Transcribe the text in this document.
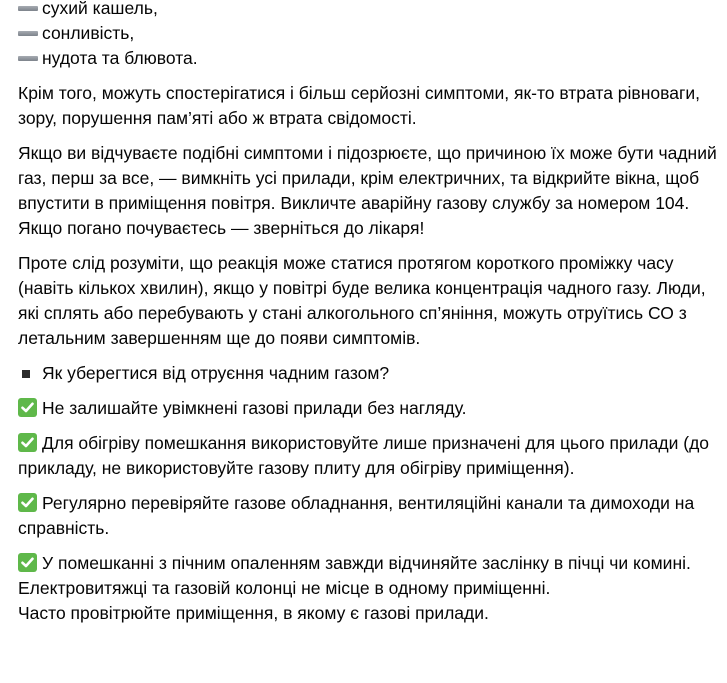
сухий кашель,
сонливість,
нудота та блювота.

Крім того, можуть спостерігатися і більш серйозні симптоми, як-то втрата рівноваги, зору, порушення пам’яті або ж втрата свідомості.

Якщо ви відчуваєте подібні симптоми і підозрюєте, що причиною їх може бути чадний газ, перш за все, — вимкніть усі прилади, крім електричних, та відкрийте вікна, щоб впустити в приміщення повітря. Викличте аварійну газову службу за номером 104. Якщо погано почуваєтесь — зверніться до лікаря!

Проте слід розуміти, що реакція може статися протягом короткого проміжку часу (навіть кількох хвилин), якщо у повітрі буде велика концентрація чадного газу. Люди, які сплять або перебувають у стані алкогольного сп’яніння, можуть отруїтись СО з летальним завершенням ще до появи симптомів.

Як уберегтися від отруєння чадним газом?

Не залишайте увімкнені газові прилади без нагляду.

Для обігріву помешкання використовуйте лише призначені для цього прилади (до прикладу, не використовуйте газову плиту для обігріву приміщення).

Регулярно перевіряйте газове обладнання, вентиляційні канали та димоходи на справність.

У помешканні з пічним опаленням завжди відчиняйте заслінку в пічці чи комині.

Електровитяжці та газовій колонці не місце в одному приміщенні.

Часто провітрюйте приміщення, в якому є газові прилади.
